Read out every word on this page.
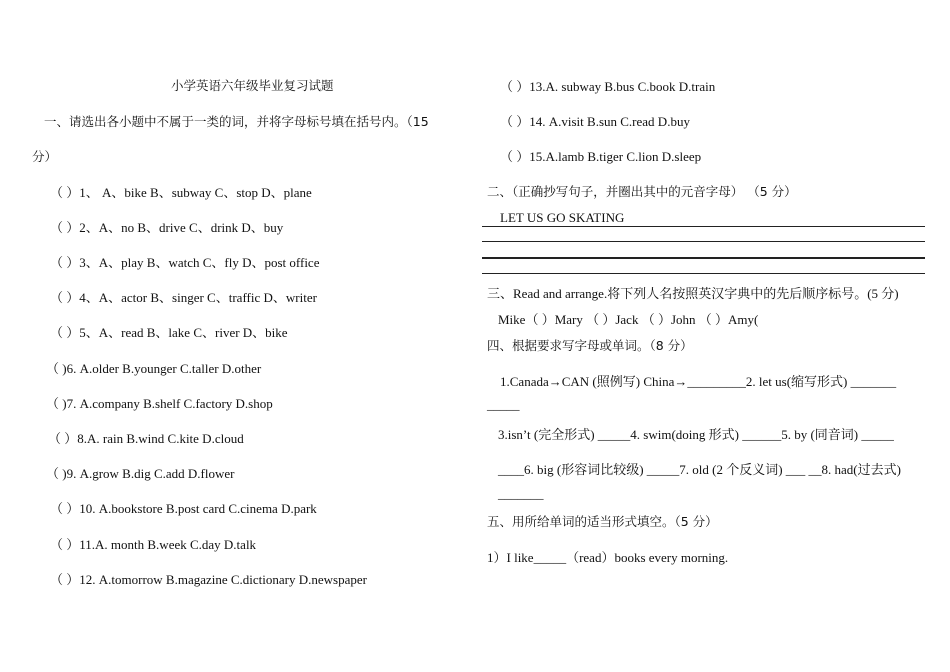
小学英语六年级毕业复习试题
一、请选出各小题中不属于一类的词，并将字母标号填在括号内。（15
分）
（ ）1、 A、bike B、subway C、stop D、plane
（ ）2、A、no B、drive C、drink D、buy
（ ）3、A、play B、watch C、fly D、post office
（ ）4、A、actor B、singer C、traffic D、writer
（ ）5、A、read B、lake C、river D、bike
（ )6. A.older B.younger C.taller D.other
（ )7. A.company B.shelf C.factory D.shop
（ ）8.A. rain B.wind C.kite D.cloud
（ )9. A.grow B.dig C.add D.flower
（ ）10. A.bookstore B.post card C.cinema D.park
（ ）11.A. month B.week C.day D.talk
（ ）12. A.tomorrow B.magazine C.dictionary D.newspaper
（ ）13.A. subway B.bus C.book D.train
（ ）14. A.visit B.sun C.read D.buy
（ ）15.A.lamb B.tiger C.lion D.sleep
二、（正确抄写句子，并圈出其中的元音字母） （5 分）
LET US GO SKATING
三、Read and arrange.将下列人名按照英汉字典中的先后顺序标号。(5 分)
Mike（ ）Mary （ ）Jack （ ）John （ ）Amy(
四、根据要求写字母或单词。（8 分）
1.Canada→CAN (照例写) China→_________2. let us(缩写形式) _______
_____
3.isn’t (完全形式) _____4. swim(doing 形式) ______5. by (同音词) _____
____6. big (形容词比较级) _____7. old (2 个反义词) ___ __8. had(过去式)
_______
五、用所给单词的适当形式填空。（5 分）
1）I like_____（read）books every morning.
